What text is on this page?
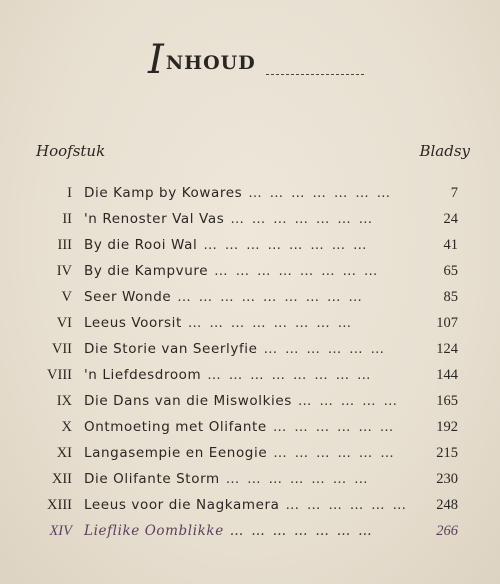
I NHOUD
Hoofstuk	Bladsy
I Die Kamp by Kowares … … … … … … …	7
II 'n Renoster Val Vas … … … … … … …	24
III By die Rooi Wal … … … … … … … …	41
IV By die Kampvure … … … … … … … …	65
V Seer Wonde … … … … … … … … …	85
VI Leeus Voorsit … … … … … … … …	107
VII Die Storie van Seerlyfie … … … … … …	124
VIII 'n Liefdesdroom … … … … … … … …	144
IX Die Dans van die Miswolkies … … … … …	165
X Ontmoeting met Olifante … … … … … …	192
XI Langasempie en Eenogie … … … … … …	215
XII Die Olifante Storm … … … … … … …	230
XIII Leeus voor die Nagkamera … … … … … … 248
XIV Lieflike Oomblikke … … … … … … …	266
